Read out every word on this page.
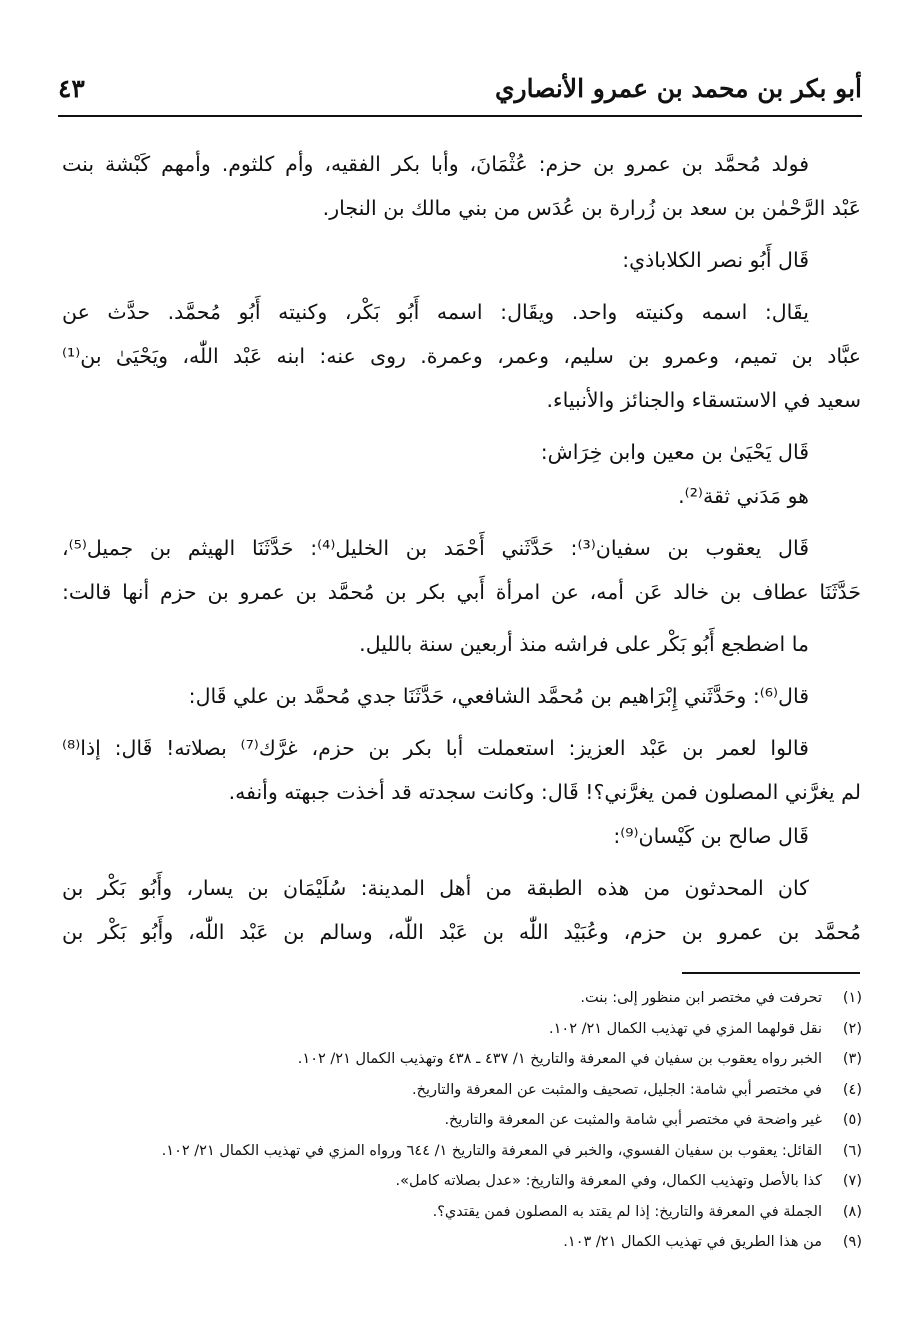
أبو بكر بن محمد بن عمرو الأنصاري
٤٣
فولد مُحمَّد بن عمرو بن حزم: عُثْمَانَ، وأبا بكر الفقيه، وأم كلثوم. وأمهم كَبْشة بنت
عَبْد الرَّحْمٰن بن سعد بن زُرارة بن عُدَس من بني مالك بن النجار.
قَال أَبُو نصر الكلاباذي:
يقَال: اسمه وكنيته واحد. ويقَال: اسمه أَبُو بَكْر، وكنيته أَبُو مُحمَّد. حدَّث عن
عبَّاد بن تميم، وعمرو بن سليم، وعمر، وعمرة. روى عنه: ابنه عَبْد اللّٰه، ويَحْيَىٰ بن⁽¹⁾
سعيد في الاستسقاء والجنائز والأنبياء.
قَال يَحْيَىٰ بن معين وابن خِرَاش:
هو مَدَني ثقة⁽²⁾.
قَال يعقوب بن سفيان⁽³⁾: حَدَّثَني أَحْمَد بن الخليل⁽⁴⁾: حَدَّثَنَا الهيثم بن جميل⁽⁵⁾،
حَدَّثَنَا عطاف بن خالد عَن أمه، عن امرأة أَبي بكر بن مُحمَّد بن عمرو بن حزم أنها قالت:
ما اضطجع أَبُو بَكْر على فراشه منذ أربعين سنة بالليل.
قال⁽⁶⁾: وحَدَّثَني إِبْرَاهيم بن مُحمَّد الشافعي، حَدَّثَنَا جدي مُحمَّد بن علي قَال:
قالوا لعمر بن عَبْد العزيز: استعملت أبا بكر بن حزم، غرَّك⁽⁷⁾ بصلاته! قَال: إذا⁽⁸⁾
لم يغرَّني المصلون فمن يغرَّني؟! قَال: وكانت سجدته قد أخذت جبهته وأنفه.
قَال صالح بن كَيْسان⁽⁹⁾:
كان المحدثون من هذه الطبقة من أهل المدينة: سُلَيْمَان بن يسار، وأَبُو بَكْر بن
مُحمَّد بن عمرو بن حزم، وعُبَيْد اللّٰه بن عَبْد اللّٰه، وسالم بن عَبْد اللّٰه، وأَبُو بَكْر بن
(١)تحرفت في مختصر ابن منظور إلى: بنت.
(٢)نقل قولهما المزي في تهذيب الكمال ٢١/ ١٠٢.
(٣)الخبر رواه يعقوب بن سفيان في المعرفة والتاريخ ١/ ٤٣٧ ـ ٤٣٨ وتهذيب الكمال ٢١/ ١٠٢.
(٤)في مختصر أبي شامة: الجليل، تصحيف والمثبت عن المعرفة والتاريخ.
(٥)غير واضحة في مختصر أبي شامة والمثبت عن المعرفة والتاريخ.
(٦)القائل: يعقوب بن سفيان الفسوي، والخبر في المعرفة والتاريخ ١/ ٦٤٤ ورواه المزي في تهذيب الكمال ٢١/ ١٠٢.
(٧)كذا بالأصل وتهذيب الكمال، وفي المعرفة والتاريخ: «عدل بصلاته كامل».
(٨)الجملة في المعرفة والتاريخ: إذا لم يقتد به المصلون فمن يقتدي؟.
(٩)من هذا الطريق في تهذيب الكمال ٢١/ ١٠٣.
